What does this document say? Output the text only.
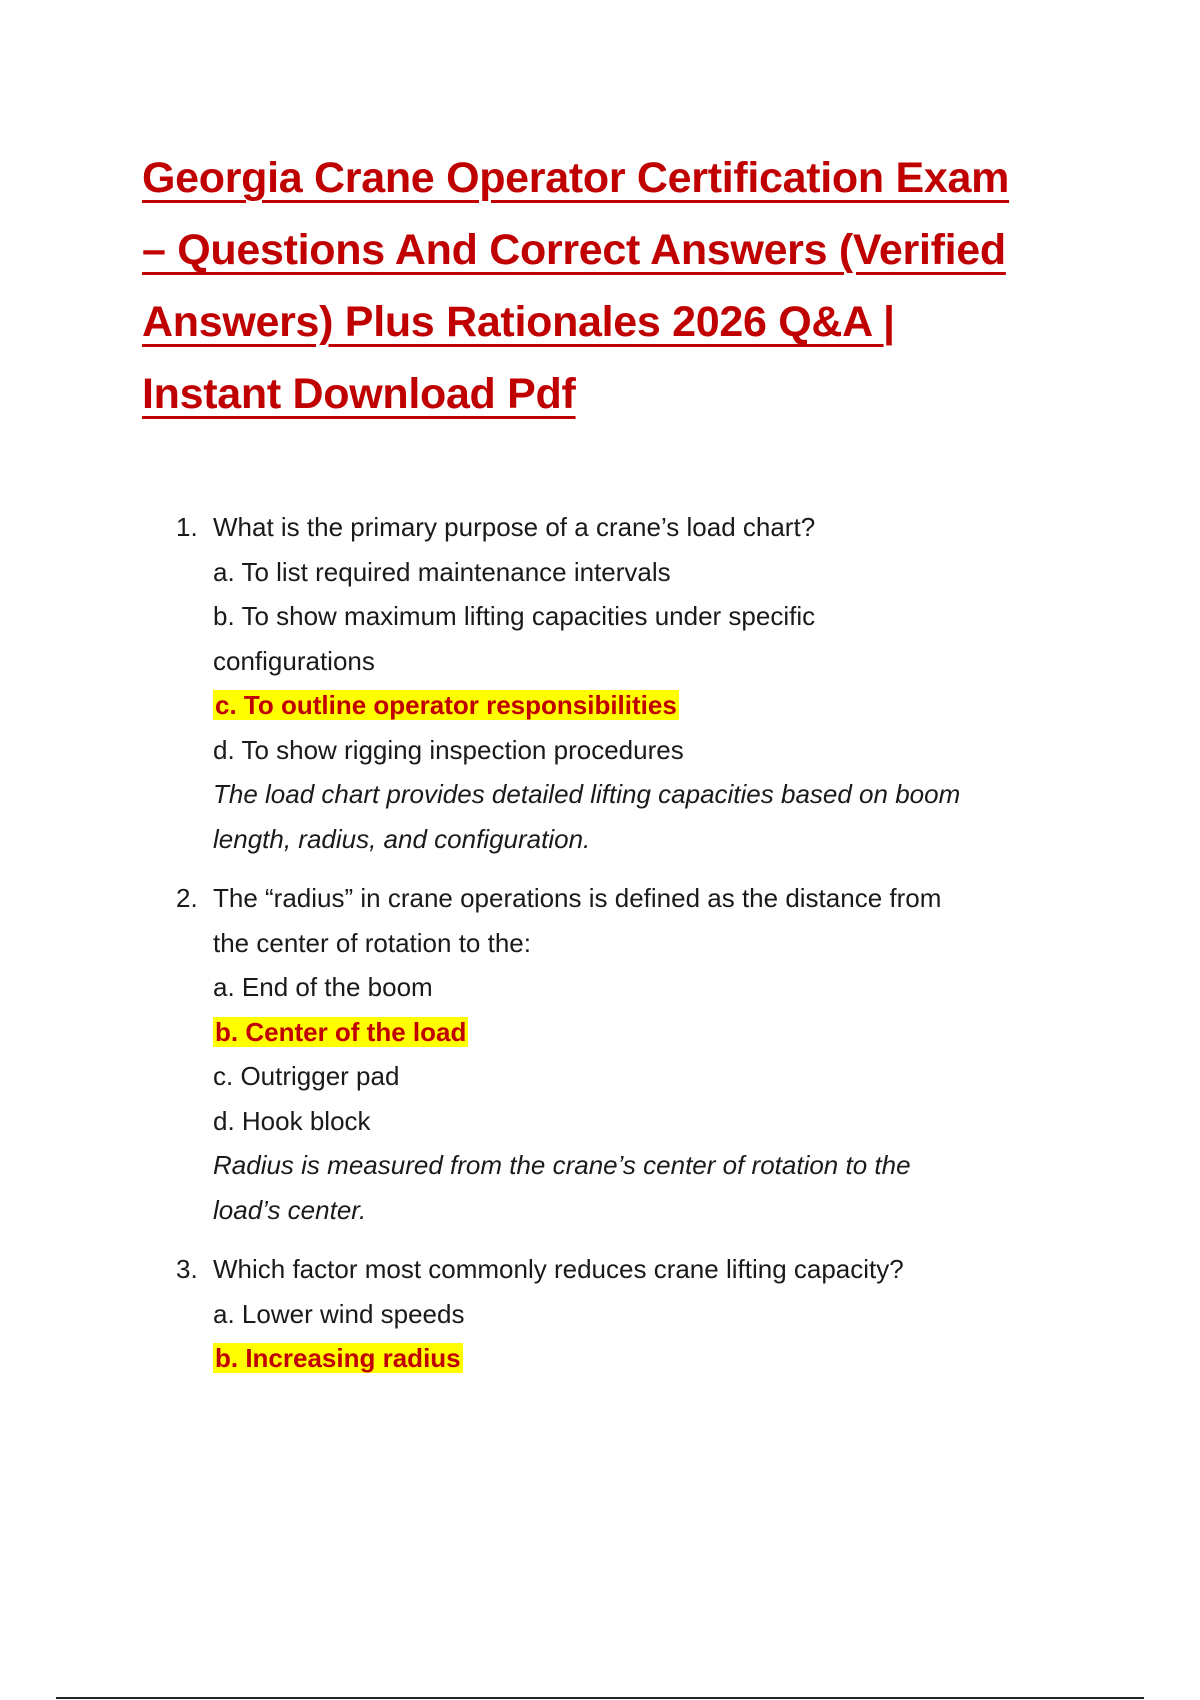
Georgia Crane Operator Certification Exam
– Questions And Correct Answers (Verified
Answers) Plus Rationales 2026 Q&A |
Instant Download Pdf
1. What is the primary purpose of a crane’s load chart?
a. To list required maintenance intervals
b. To show maximum lifting capacities under specific
configurations
c. To outline operator responsibilities
d. To show rigging inspection procedures
The load chart provides detailed lifting capacities based on boom
length, radius, and configuration.
2. The “radius” in crane operations is defined as the distance from
the center of rotation to the:
a. End of the boom
b. Center of the load
c. Outrigger pad
d. Hook block
Radius is measured from the crane’s center of rotation to the
load’s center.
3. Which factor most commonly reduces crane lifting capacity?
a. Lower wind speeds
b. Increasing radius
